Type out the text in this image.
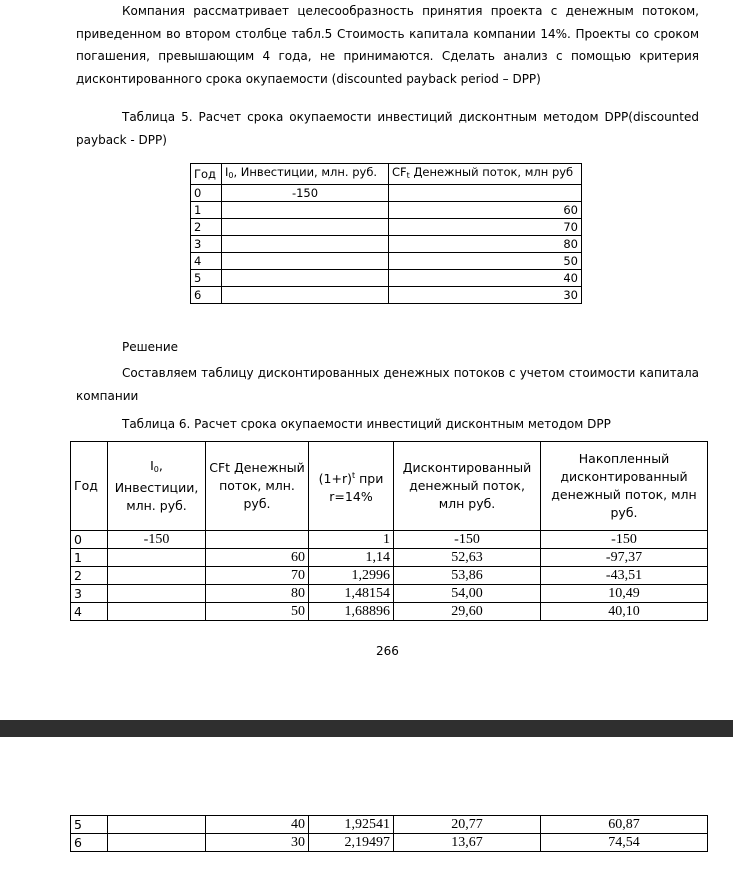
Компания рассматривает целесообразность принятия проекта с денежным потоком,

приведенном во втором столбце табл.5 Стоимость капитала компании 14%. Проекты со сроком

погашения, превышающим 4 года, не принимаются. Сделать анализ с помощью критерия

дисконтированного срока окупаемости (discounted payback period – DPP)

Таблица 5. Расчет срока окупаемости инвестиций дисконтным методом DPP(discounted

payback - DPP)

Год	$I_0$, Инвестиции, млн. руб.	$CF_t$ Денежный поток, млн руб
0	-150	
1		60
2		70
3		80
4		50
5		40
6		30
Решение

Составляем таблицу дисконтированных денежных потоков с учетом стоимости капитала

компании

Таблица 6. Расчет срока окупаемости инвестиций дисконтным методом DPP
Год	$I_0$, Инвестиции, млн. руб.	CFt Денежный поток, млн. руб.	$(1+r)^t$ при r=14%	Дисконтированный денежный поток, млн руб.	Накопленный дисконтированный денежный поток, млн руб.
0	-150		1	-150	-150
1		60	1,14	52,63	-97,37
2		70	1,2996	53,86	-43,51
3		80	1,48154	54,00	10,49
4		50	1,68896	29,60	40,10
266
5		40	1,92541	20,77	60,87
6		30	2,19497	13,67	74,54
